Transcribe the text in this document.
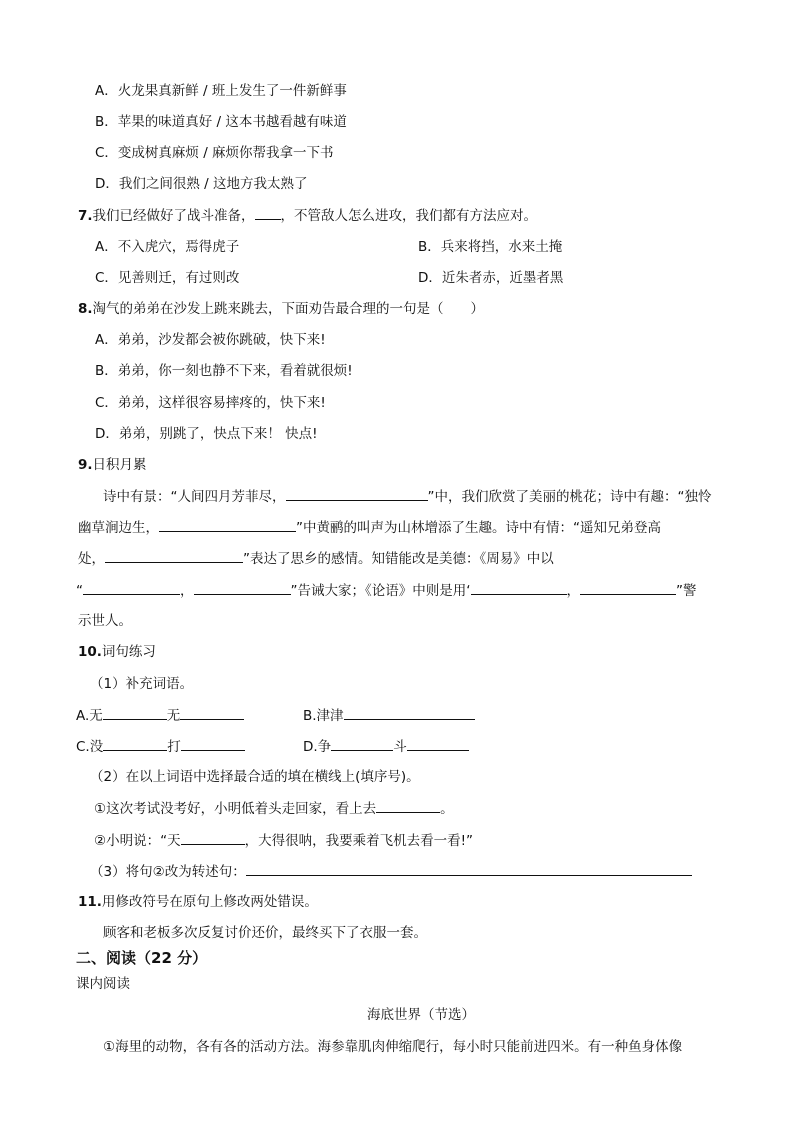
A．火龙果真新鲜 / 班上发生了一件新鲜事
B．苹果的味道真好 / 这本书越看越有味道
C．变成树真麻烦 / 麻烦你帮我拿一下书
D．我们之间很熟 / 这地方我太熟了
7.我们已经做好了战斗准备， ，不管敌人怎么进攻，我们都有方法应对。
A．不入虎穴，焉得虎子	B．兵来将挡，水来土掩
C．见善则迁，有过则改	D．近朱者赤，近墨者黑
8.淘气的弟弟在沙发上跳来跳去，下面劝告最合理的一句是（　　）
A．弟弟，沙发都会被你跳破，快下来!
B．弟弟，你一刻也静不下来，看着就很烦!
C．弟弟，这样很容易摔疼的，快下来!
D．弟弟，别跳了，快点下来！ 快点!
9.日积月累
诗中有景：“人间四月芳菲尽，	”中，我们欣赏了美丽的桃花；诗中有趣：“独怜
幽草涧边生，	”中黄鹂的叫声为山林增添了生趣。诗中有情：“遥知兄弟登高
处，	”表达了思乡的感情。知错能改是美德：《周易》中以
“	，	”告诫大家；《论语》中则是用‘	，	”警
示世人。
10.词句练习
（1）补充词语。
A.无	无	B.津津
C.没	打	D.争	斗
（2）在以上词语中选择最合适的填在横线上(填序号)。
①这次考试没考好，小明低着头走回家，看上去	。
②小明说：“天	，大得很呐，我要乘着飞机去看一看!”
（3）将句②改为转述句：
11.用修改符号在原句上修改两处错误。
顾客和老板多次反复讨价还价，最终买下了衣服一套。
二、阅读（22 分）
课内阅读
海底世界（节选）
①海里的动物，各有各的活动方法。海参靠肌肉伸缩爬行，每小时只能前进四米。有一种鱼身体像
